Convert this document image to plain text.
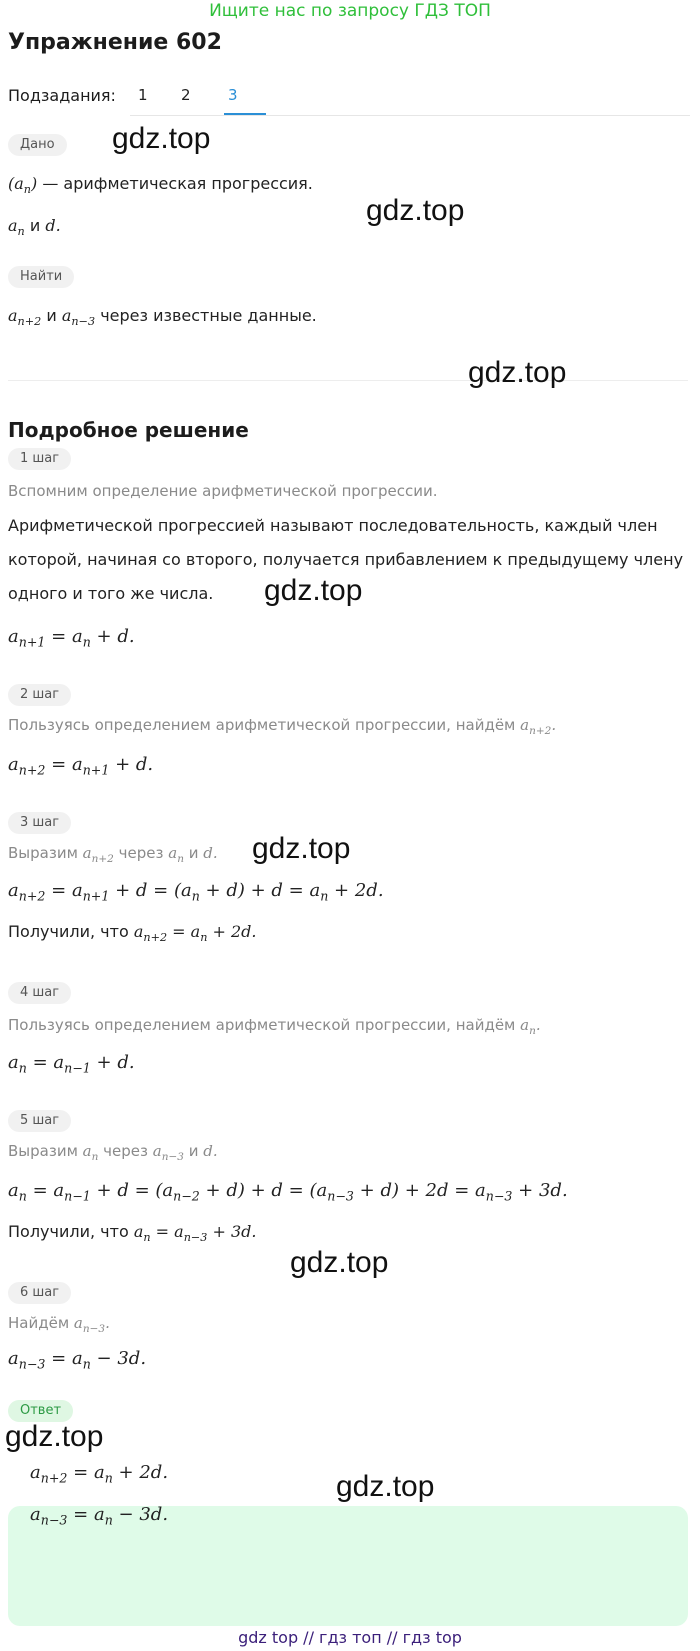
Ищите нас по запросу ГДЗ ТОП
Упражнение 602
Подзадания: 1 2 3
Дано
$(a_n)$ — арифметическая прогрессия.
$a_n$ и d.
Найти
$a_{n+2}$ и $a_{n-3}$ через известные данные.
Подробное решение
1 шаг
Вспомним определение арифметической прогрессии.
Арифметической прогрессией называют последовательность, каждый член
которой, начиная со второго, получается прибавлением к предыдущему члену
одного и того же числа.
$a_{n+1} = a_n + d$.
2 шаг
Пользуясь определением арифметической прогрессии, найдём $a_{n+2}$.
$a_{n+2} = a_{n+1} + d$.
3 шаг
Выразим $a_{n+2}$ через $a_n$ и d.
$a_{n+2} = a_{n+1} + d = (a_n + d) + d = a_n + 2d$.
Получили, что $a_{n+2} = a_n + 2d$.
4 шаг
Пользуясь определением арифметической прогрессии, найдём $a_n$.
$a_n = a_{n-1} + d$.
5 шаг
Выразим $a_n$ через $a_{n-3}$ и d.
$a_n = a_{n-1} + d = (a_{n-2} + d) + d = (a_{n-3} + d) + 2d = a_{n-3} + 3d$.
Получили, что $a_n = a_{n-3} + 3d$.
6 шаг
Найдём $a_{n-3}$.
$a_{n-3} = a_n - 3d$.
Ответ
$a_{n+2} = a_n + 2d$.
$a_{n-3} = a_n - 3d$.
gdz.top
gdz.top
gdz.top
gdz.top
gdz.top
gdz.top
gdz.top
gdz.top
gdz top // гдз топ // гдз top
